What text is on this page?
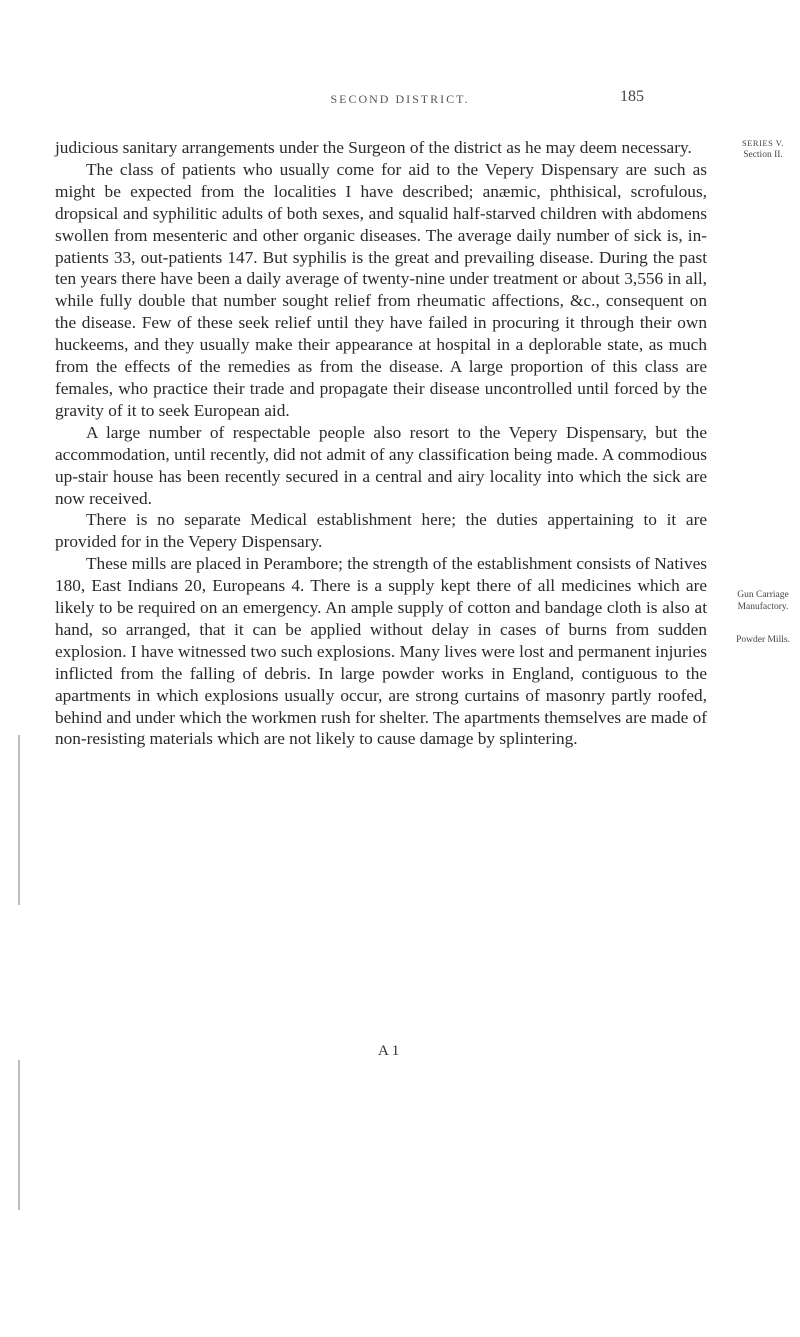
SECOND DISTRICT.	185
SERIES V.
Section II.
Gun Carriage
Manufactory.
Powder Mills.

judicious sanitary arrangements under the Surgeon of the district as he may deem necessary.

The class of patients who usually come for aid to the Vepery Dispensary are such as might be expected from the localities I have described; anæmic, phthisical, scrofulous, dropsical and syphilitic adults of both sexes, and squalid half-starved children with abdomens swollen from mesenteric and other organic diseases. The average daily number of sick is, in-patients 33, out-patients 147. But syphilis is the great and prevailing disease. During the past ten years there have been a daily average of twenty-nine under treatment or about 3,556 in all, while fully double that number sought relief from rheumatic affections, &c., consequent on the disease. Few of these seek relief until they have failed in procuring it through their own huckeems, and they usually make their appearance at hospital in a deplorable state, as much from the effects of the remedies as from the disease. A large proportion of this class are females, who practice their trade and propagate their disease uncontrolled until forced by the gravity of it to seek European aid.

A large number of respectable people also resort to the Vepery Dispensary, but the accommodation, until recently, did not admit of any classification being made. A commodious up-stair house has been recently secured in a central and airy locality into which the sick are now received.

There is no separate Medical establishment here; the duties appertaining to it are provided for in the Vepery Dispensary.

These mills are placed in Perambore; the strength of the establishment consists of Natives 180, East Indians 20, Europeans 4. There is a supply kept there of all medicines which are likely to be required on an emergency. An ample supply of cotton and bandage cloth is also at hand, so arranged, that it can be applied without delay in cases of burns from sudden explosion. I have witnessed two such explosions. Many lives were lost and permanent injuries inflicted from the falling of debris. In large powder works in England, contiguous to the apartments in which explosions usually occur, are strong curtains of masonry partly roofed, behind and under which the workmen rush for shelter. The apartments themselves are made of non-resisting materials which are not likely to cause damage by splintering.

A 1
